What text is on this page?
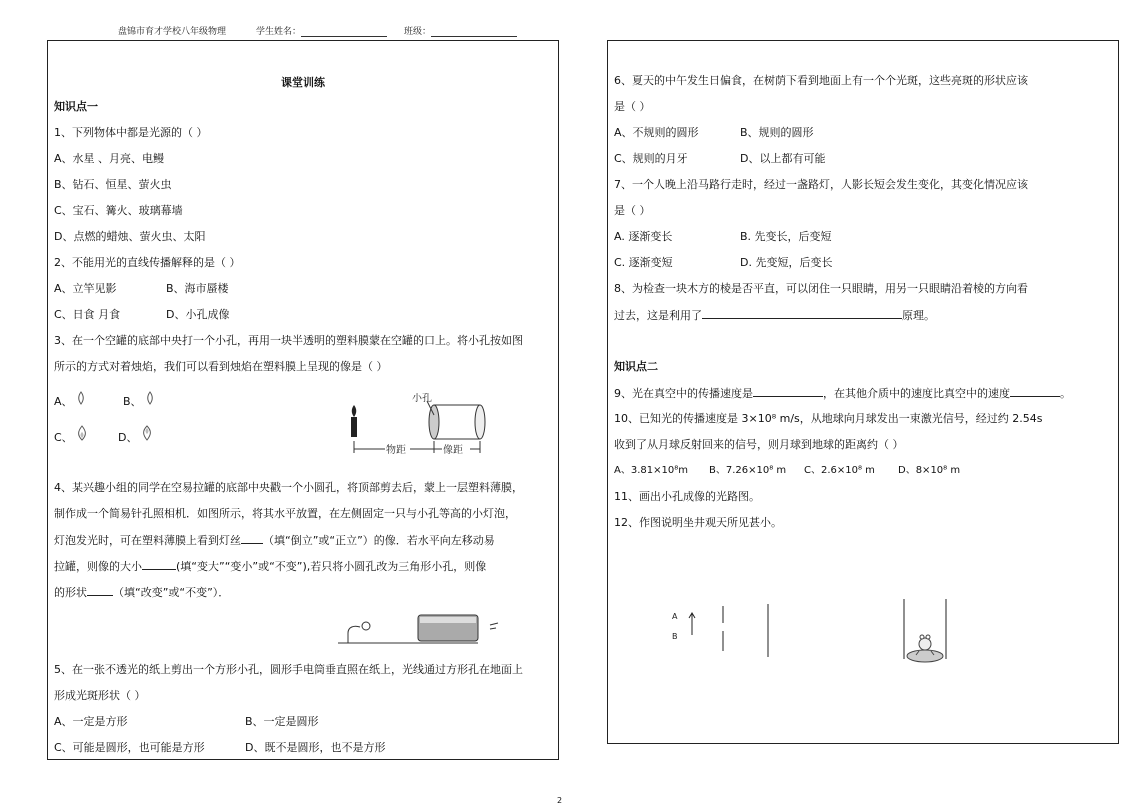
盘锦市育才学校八年级物理	学生姓名：	班级：
课堂训练
知识点一
1、下列物体中都是光源的（ ）
A、水星 、月亮、电鳗
B、钻石、恒星、萤火虫
C、宝石、篝火、玻璃幕墙
D、点燃的蜡烛、萤火虫、太阳
2、不能用光的直线传播解释的是（ ）
A、立竿见影	B、海市蜃楼
C、日食 月食	D、小孔成像
3、在一个空罐的底部中央打一个小孔，再用一块半透明的塑料膜蒙在空罐的口上。将小孔按如图
所示的方式对着烛焰，我们可以看到烛焰在塑料膜上呈现的像是（ ）
A、	B、
C、	D、
物距	像距
小孔
4、某兴趣小组的同学在空易拉罐的底部中央戳一个小圆孔，将顶部剪去后，蒙上一层塑料薄膜，
制作成一个简易针孔照相机．如图所示，将其水平放置，在左侧固定一只与小孔等高的小灯泡，
灯泡发光时，可在塑料薄膜上看到灯丝 （填“倒立”或“正立”）的像．若水平向左移动易
拉罐，则像的大小	(填“变大”“变小”或“不变”),若只将小圆孔改为三角形小孔，则像
的形状 （填“改变”或“不变”）．
5、在一张不透光的纸上剪出一个方形小孔，圆形手电筒垂直照在纸上，光线通过方形孔在地面上
形成光斑形状（ ）
A、一定是方形	B、一定是圆形
C、可能是圆形，也可能是方形	D、既不是圆形，也不是方形
6、夏天的中午发生日偏食，在树荫下看到地面上有一个个光斑，这些亮斑的形状应该
是（ ）
A、不规则的圆形	B、规则的圆形
C、规则的月牙	D、以上都有可能
7、一个人晚上沿马路行走时，经过一盏路灯，人影长短会发生变化，其变化情况应该
是（ ）
A. 逐渐变长	B. 先变长，后变短
C. 逐渐变短	D. 先变短，后变长
8、为检查一块木方的棱是否平直，可以闭住一只眼睛，用另一只眼睛沿着棱的方向看
过去，这是利用了	原理。
知识点二
9、光在真空中的传播速度是	，在其他介质中的速度比真空中的速度	。
10、已知光的传播速度是 3×10⁸ m/s，从地球向月球发出一束激光信号，经过约 2.54s
收到了从月球反射回来的信号，则月球到地球的距离约（ ）
A、3.81×10⁸m B、7.26×10⁸ m C、2.6×10⁸ m D、8×10⁸ m
11、画出小孔成像的光路图。
12、作图说明坐井观天所见甚小。
A
B
2
